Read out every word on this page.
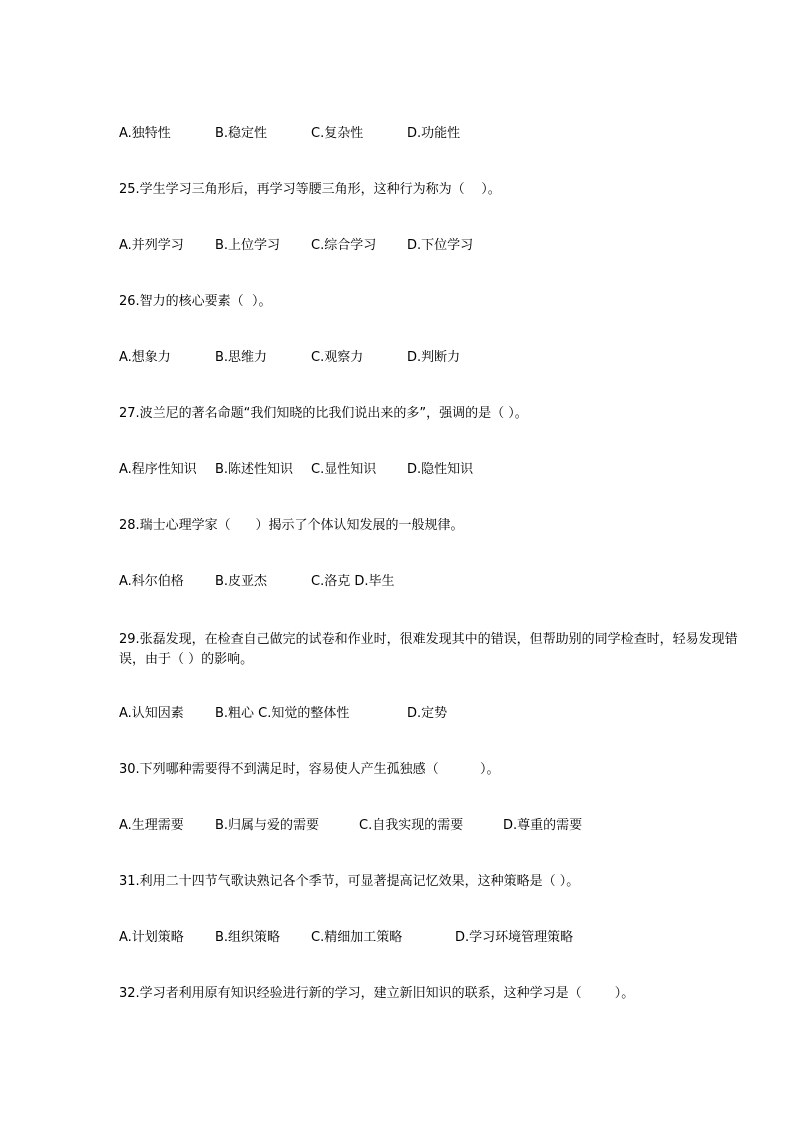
A.独特性

	B.稳定性

	C.复杂性

	D.功能性

25.学生学习三角形后，再学习等腰三角形，这种行为称为（    ）。

A.并列学习

B.上位学习

C.综合学习

D.下位学习

26.智力的核心要素（  ）。

A.想象力

	B.思维力

	C.观察力

	D.判断力

27.波兰尼的著名命题“我们知晓的比我们说出来的多”，强调的是（ ）。

A.程序性知识

B.陈述性知识

C.显性知识

D.隐性知识

28.瑞士心理学家（      ）揭示了个体认知发展的一般规律。

A.科尔伯格

B.皮亚杰

	C.洛克 D.毕生

29.张磊发现，在检查自己做完的试卷和作业时，很难发现其中的错误，但帮助别的同学检查时，轻易发现错误，由于（ ）的影响。

A.认知因素

B.粗心 C.知觉的整体性

	D.定势

30.下列哪种需要得不到满足时，容易使人产生孤独感（          ）。

A.生理需要

B.归属与爱的需要

	C.自我实现的需要

	D.尊重的需要

31.利用二十四节气歌诀熟记各个季节，可显著提高记忆效果，这种策略是（ ）。

A.计划策略

B.组织策略

C.精细加工策略

	D.学习环境管理策略

32.学习者利用原有知识经验进行新的学习，建立新旧知识的联系，这种学习是（        ）。
